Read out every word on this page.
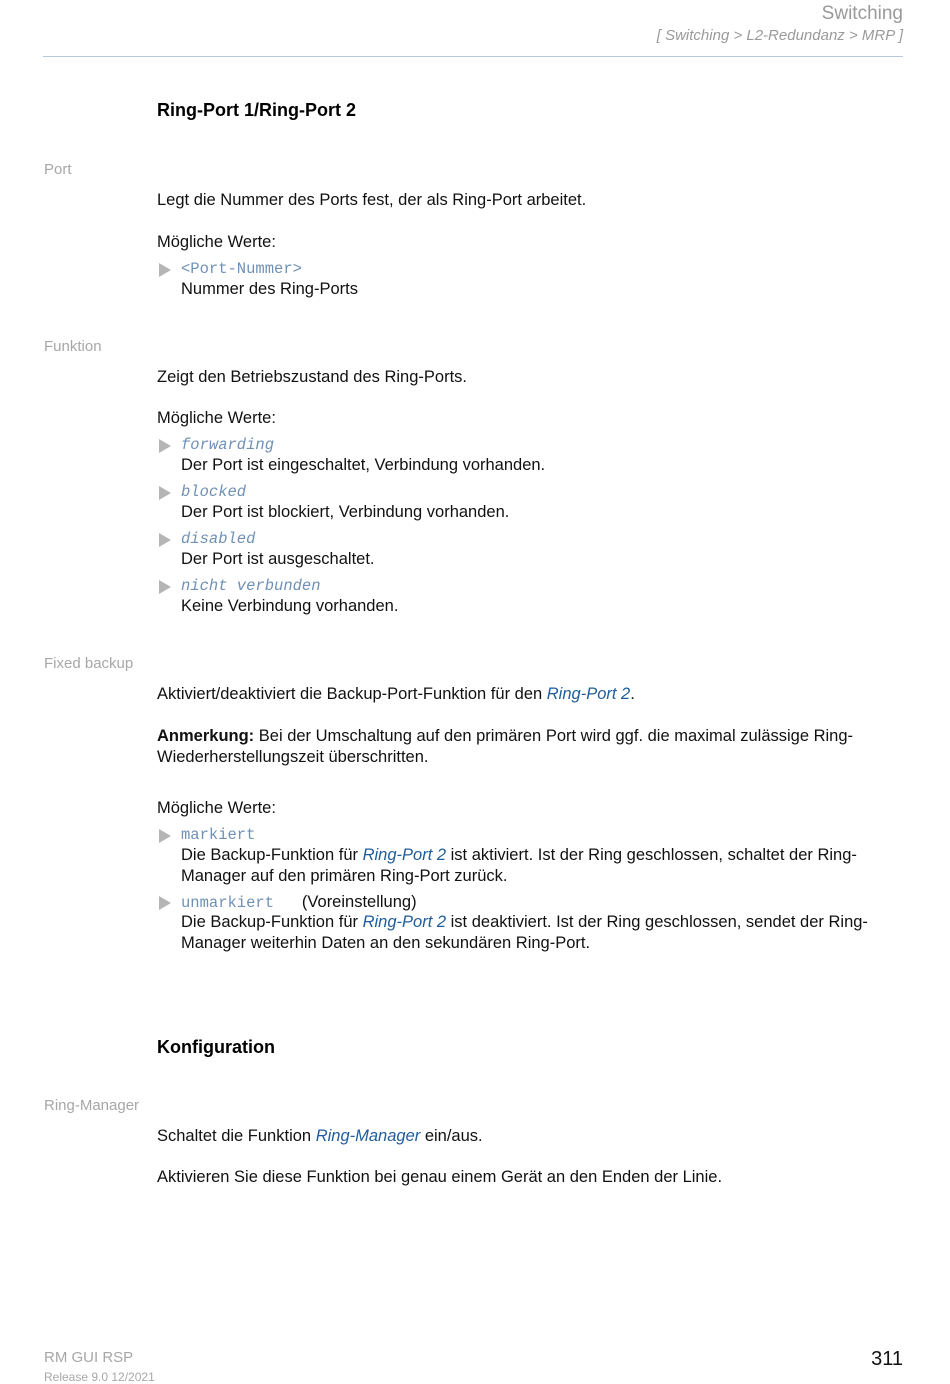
Switching
[ Switching > L2-Redundanz > MRP ]
Ring-Port 1/Ring-Port 2
Port
Legt die Nummer des Ports fest, der als Ring-Port arbeitet.
Mögliche Werte:
<Port-Nummer>
Nummer des Ring-Ports
Funktion
Zeigt den Betriebszustand des Ring-Ports.
Mögliche Werte:
forwarding
Der Port ist eingeschaltet, Verbindung vorhanden.
blocked
Der Port ist blockiert, Verbindung vorhanden.
disabled
Der Port ist ausgeschaltet.
nicht verbunden
Keine Verbindung vorhanden.
Fixed backup
Aktiviert/deaktiviert die Backup-Port-Funktion für den Ring-Port 2.
Anmerkung: Bei der Umschaltung auf den primären Port wird ggf. die maximal zulässige Ring-Wiederherstellungszeit überschritten.
Mögliche Werte:
markiert
Die Backup-Funktion für Ring-Port 2 ist aktiviert. Ist der Ring geschlossen, schaltet der Ring-Manager auf den primären Ring-Port zurück.
unmarkiert (Voreinstellung)
Die Backup-Funktion für Ring-Port 2 ist deaktiviert. Ist der Ring geschlossen, sendet der Ring-Manager weiterhin Daten an den sekundären Ring-Port.
Konfiguration
Ring-Manager
Schaltet die Funktion Ring-Manager ein/aus.
Aktivieren Sie diese Funktion bei genau einem Gerät an den Enden der Linie.
RM GUI RSP
Release 9.0 12/2021
311
